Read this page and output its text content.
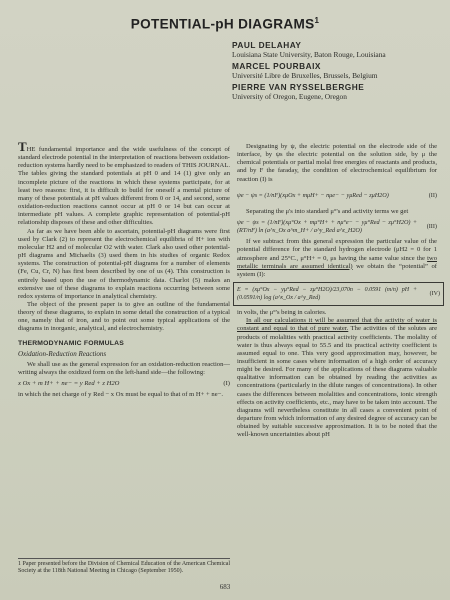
POTENTIAL-pH DIAGRAMS$^1$
PAUL DELAHAY
Louisiana State University, Baton Rouge, Louisiana
MARCEL POURBAIX
Université Libre de Bruxelles, Brussels, Belgium
PIERRE VAN RYSSELBERGHE
University of Oregon, Eugene, Oregon

THE fundamental importance and the wide usefulness of the concept of standard electrode potential in the interpretation of reactions between oxidation-reduction systems hardly need to be emphasized to readers of THIS JOURNAL. The tables giving the standard potentials at pH 0 and 14 (1) give only an incomplete picture of the reactions in which these systems participate, for at least two reasons: first, it is difficult to build for oneself a mental picture of many of these potentials at pH values different from 0 or 14, and second, some oxidation-reduction reactions cannot occur at pH 0 or 14 but can occur at intermediate pH values. A complete graphic representation of potential-pH relationship disposes of these and other difficulties.

As far as we have been able to ascertain, potential-pH diagrams were first used by Clark (2) to represent the electrochemical equilibria of H+ ion with molecular H2 and of molecular O2 with water. Clark also used other potential-pH diagrams and Michaelis (3) used them in his studies of organic Redox systems. The construction of potential-pH diagrams for a number of elements (Fe, Cu, Cr, N) has first been described by one of us (4). This construction is entirely based upon the use of thermodynamic data. Charlot (5) makes an extensive use of these diagrams to explain reactions occurring between some redox systems of importance in analytical chemistry.

The object of the present paper is to give an outline of the fundamental theory of these diagrams, to explain in some detail the construction of a typical one, namely that of iron, and to point out some typical applications of the diagrams in inorganic, analytical, and electrochemistry.

THERMODYNAMIC FORMULAS
Oxidation-Reduction Reactions

We shall use as the general expression for an oxidation-reduction reaction—writing always the oxidized form on the left-hand side—the following:

x Ox + m H+ + ne− = y Red + z H2O	(I)

in which the net charge of y Red − x Ox must be equal to that of m H+ + ne−.

1 Paper presented before the Division of Chemical Education of the American Chemical Society at the 118th National Meeting in Chicago (September 1950).

Designating by ψ, the electric potential on the electrode side of the interface, by ψs the electric potential on the solution side, by μ the chemical potentials or partial molal free energies of reactants and products, and by F the faraday, the condition of electrochemical equilibrium for reaction (I) is

ψe − ψs = (1/nF)(xμOx + mμH+ − nμe− − yμRed − zμH2O)	(II)

Separating the μ's into standard μ°'s and activity terms we get

ψe − ψs = (1/nF)(xμ°Ox + mμ°H+ + nμ°e− − yμ°Red − zμ°H2O) + (RT/nF) ln (a^x_Ox a^m_H+ / a^y_Red a^z_H2O)
(III)

If we subtract from this general expression the particular value of the potential difference for the standard hydrogen electrode (μH2 = 0 for 1 atmosphere and 25°C., μ°H+ = 0, μs having the same value since the two metallic terminals are assumed identical) we obtain the “potential” of system (I):

E = (xμ°Ox − yμ°Red − zμ°H2O)/23,070n − 0.0591 (m/n) pH + (0.0591/n) log (a^x_Ox / a^y_Red)
(IV)

in volts, the μ°'s being in calories.

In all our calculations it will be assumed that the activity of water is constant and equal to that of pure water. The activities of the solutes are products of molalities with practical activity coefficients. The molality of water is thus always equal to 55.5 and its practical activity coefficient is assumed equal to one. This very good approximation may, however, be insufficient in some cases where information of a high order of accuracy might be desired. For many of the applications of these diagrams valuable qualitative information can be obtained by reading the activities as concentrations (particularly in the dilute ranges of concentrations). In other cases the differences between molalities and concentrations, ionic strength effects on activity coefficients, etc., may have to be taken into account. The diagrams will nevertheless constitute in all cases a convenient point of departure from which information of any desired degree of accuracy can be obtained by suitable successive approximation. It is to be noted that the well-known uncertainties about pH

683
